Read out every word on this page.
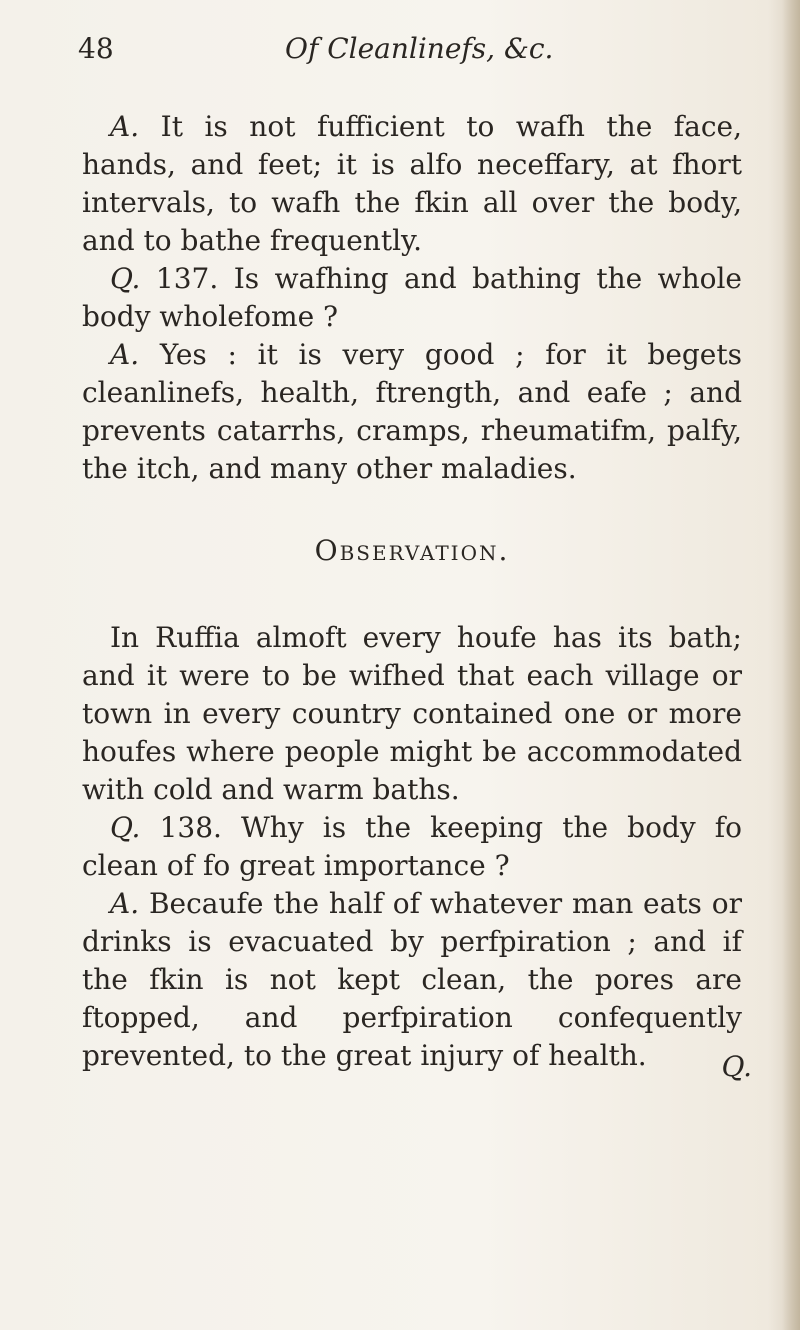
48	Of Cleanlinefs, &c.

A. It is not fufficient to wafh the face, hands, and feet; it is alfo neceffary, at fhort intervals, to wafh the fkin all over the body, and to bathe frequently.

Q. 137. Is wafhing and bathing the whole body wholefome ?

A. Yes : it is very good ; for it begets cleanlinefs, health, ftrength, and eafe ; and prevents catarrhs, cramps, rheumatifm, palfy, the itch, and many other maladies.

Observation.

In Ruffia almoft every houfe has its bath; and it were to be wifhed that each village or town in every country contained one or more houfes where people might be accommodated with cold and warm baths.

Q. 138. Why is the keeping the body fo clean of fo great importance ?

A. Becaufe the half of whatever man eats or drinks is evacuated by perfpiration ; and if the fkin is not kept clean, the pores are ftopped, and perfpiration confequently prevented, to the great injury of health.	Q.
